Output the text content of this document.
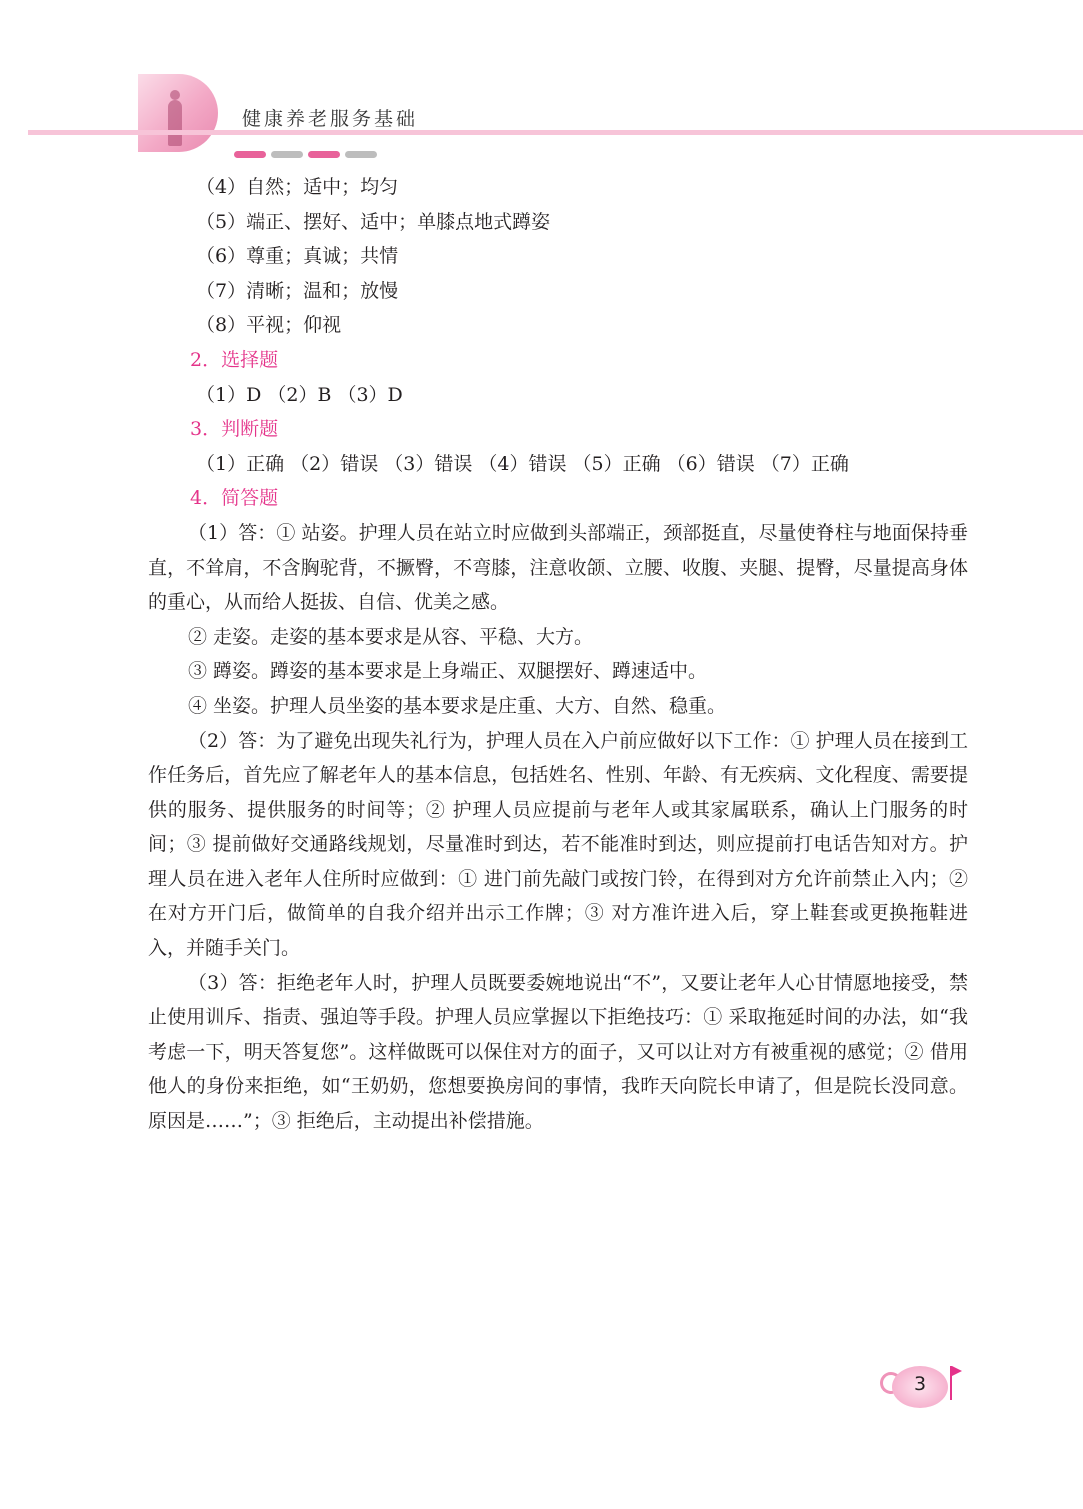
健康养老服务基础
（4）自然；适中；均匀
（5）端正、摆好、适中；单膝点地式蹲姿
（6）尊重；真诚；共情
（7）清晰；温和；放慢
（8）平视；仰视
2．选择题
（1）D （2）B （3）D
3．判断题
（1）正确 （2）错误 （3）错误 （4）错误 （5）正确 （6）错误 （7）正确
4．简答题

（1）答：① 站姿。护理人员在站立时应做到头部端正，颈部挺直，尽量使脊柱与地面保持垂直，不耸肩，不含胸驼背，不撅臀，不弯膝，注意收颌、立腰、收腹、夹腿、提臀，尽量提高身体的重心，从而给人挺拔、自信、优美之感。

② 走姿。走姿的基本要求是从容、平稳、大方。

③ 蹲姿。蹲姿的基本要求是上身端正、双腿摆好、蹲速适中。

④ 坐姿。护理人员坐姿的基本要求是庄重、大方、自然、稳重。

（2）答：为了避免出现失礼行为，护理人员在入户前应做好以下工作：① 护理人员在接到工作任务后，首先应了解老年人的基本信息，包括姓名、性别、年龄、有无疾病、文化程度、需要提供的服务、提供服务的时间等；② 护理人员应提前与老年人或其家属联系，确认上门服务的时间；③ 提前做好交通路线规划，尽量准时到达，若不能准时到达，则应提前打电话告知对方。护理人员在进入老年人住所时应做到：① 进门前先敲门或按门铃，在得到对方允许前禁止入内；② 在对方开门后，做简单的自我介绍并出示工作牌；③ 对方准许进入后，穿上鞋套或更换拖鞋进入，并随手关门。

（3）答：拒绝老年人时，护理人员既要委婉地说出“不”，又要让老年人心甘情愿地接受，禁止使用训斥、指责、强迫等手段。护理人员应掌握以下拒绝技巧：① 采取拖延时间的办法，如“我考虑一下，明天答复您”。这样做既可以保住对方的面子，又可以让对方有被重视的感觉；② 借用他人的身份来拒绝，如“王奶奶，您想要换房间的事情，我昨天向院长申请了，但是院长没同意。原因是……”；③ 拒绝后，主动提出补偿措施。

3
